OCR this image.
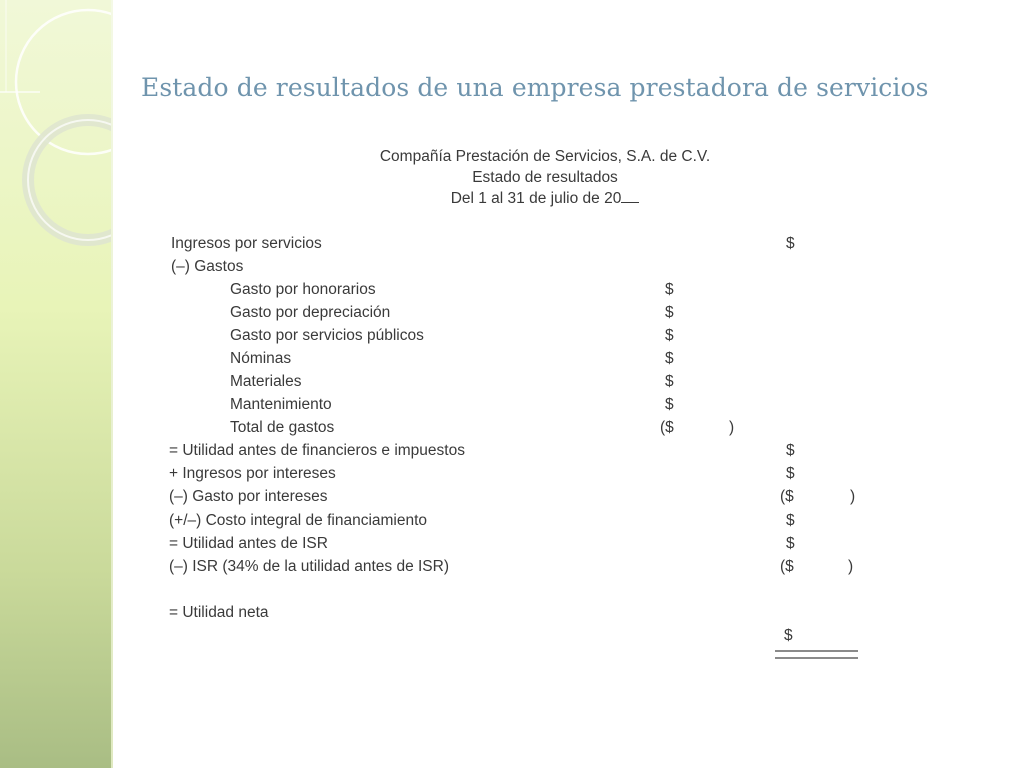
Estado de resultados de una empresa prestadora de servicios
Compañía Prestación de Servicios, S.A. de C.V.
Estado de resultados
Del 1 al 31 de julio de 20
Ingresos por servicios	$
(–) Gastos
Gasto por honorarios	$
Gasto por depreciación	$
Gasto por servicios públicos	$
Nóminas	$
Materiales	$
Mantenimiento	$
Total de gastos	($	)
= Utilidad antes de financieros e impuestos	$
+ Ingresos por intereses	$
(–) Gasto por intereses	($	)
(+/–) Costo integral de financiamiento	$
= Utilidad antes de ISR	$
(–) ISR (34% de la utilidad antes de ISR)	($	)
= Utilidad neta
$
